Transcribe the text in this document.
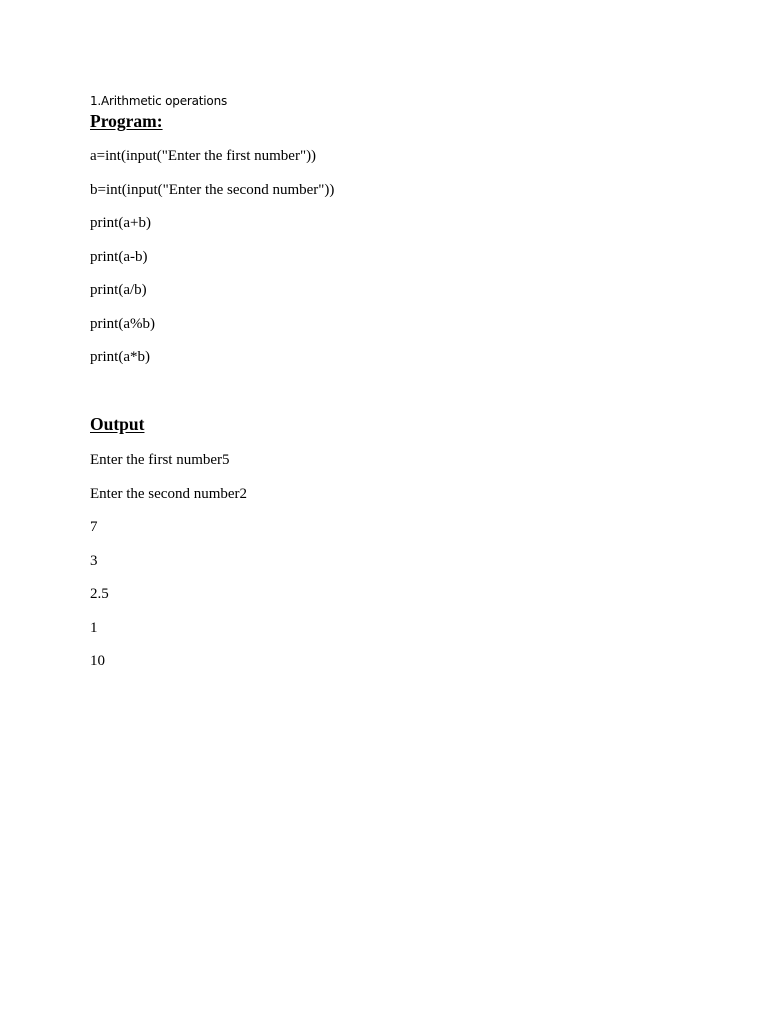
1.Arithmetic operations
Program:
a=int(input("Enter the first number"))
b=int(input("Enter the second number"))
print(a+b)
print(a-b)
print(a/b)
print(a%b)
print(a*b)
Output
Enter the first number5
Enter the second number2
7
3
2.5
1
10
